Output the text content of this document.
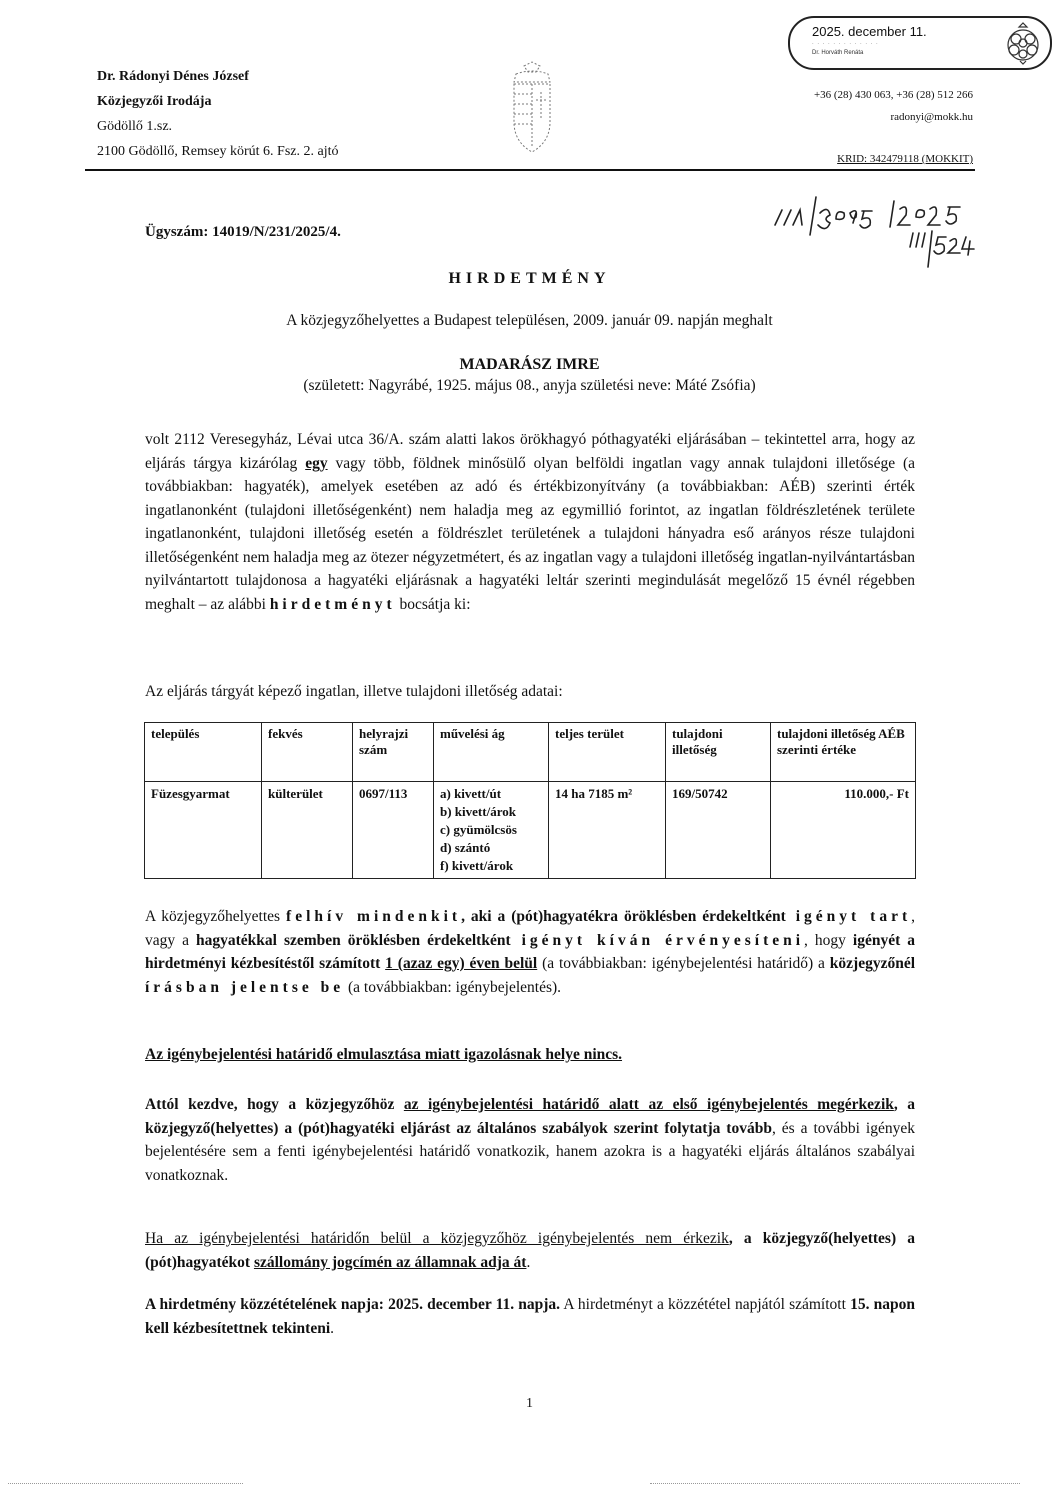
Dr. Rádonyi Dénes József
Közjegyzői Irodája
Gödöllő 1.sz.
2100 Gödöllő, Remsey körút 6. Fsz. 2. ajtó
2025. december 11.
. . . . . . . . . . . . .
Dr. Horváth Renáta
+36 (28) 430 063, +36 (28) 512 266
radonyi@mokk.hu
KRID: 342479118 (MOKKIT)
Ügyszám: 14019/N/231/2025/4.
HIRDETMÉNY
A közjegyzőhelyettes a Budapest településen, 2009. január 09. napján meghalt
MADARÁSZ IMRE
(született: Nagyrábé, 1925. május 08., anyja születési neve: Máté Zsófia)
volt 2112 Veresegyház, Lévai utca 36/A. szám alatti lakos örökhagyó póthagyatéki eljárásában – tekintettel arra, hogy az eljárás tárgya kizárólag egy vagy több, földnek minősülő olyan belföldi ingatlan vagy annak tulajdoni illetősége (a továbbiakban: hagyaték), amelyek esetében az adó és értékbizonyítvány (a továbbiakban: AÉB) szerinti érték ingatlanonként (tulajdoni illetőségenként) nem haladja meg az egymillió forintot, az ingatlan földrészletének területe ingatlanonként, tulajdoni illetőség esetén a földrészlet területének a tulajdoni hányadra eső arányos része tulajdoni illetőségenként nem haladja meg az ötezer négyzetmétert, és az ingatlan vagy a tulajdoni illetőség ingatlan-nyilvántartásban nyilvántartott tulajdonosa a hagyatéki eljárásnak a hagyatéki leltár szerinti megindulását megelőző 15 évnél régebben meghalt – az alábbi hirdetményt bocsátja ki:
Az eljárás tárgyát képező ingatlan, illetve tulajdoni illetőség adatai:
település	fekvés	helyrajzi szám	művelési ág	teljes terület	tulajdoni illetőség	tulajdoni illetőség AÉB szerinti értéke
Füzesgyarmat	külterület	0697/113	a) kivett/út
b) kivett/árok
c) gyümölcsös
d) szántó
f) kivett/árok	14 ha 7185 m²	169/50742	110.000,- Ft
A közjegyzőhelyettes felhív mindenkit, aki a (pót)hagyatékra öröklésben érdekeltként igényt tart, vagy a hagyatékkal szemben öröklésben érdekeltként igényt kíván érvényesíteni, hogy igényét a hirdetményi kézbesítéstől számított 1 (azaz egy) éven belül (a továbbiakban: igénybejelentési határidő) a közjegyzőnél írásban jelentse be (a továbbiakban: igénybejelentés).
Az igénybejelentési határidő elmulasztása miatt igazolásnak helye nincs.
Attól kezdve, hogy a közjegyzőhöz az igénybejelentési határidő alatt az első igénybejelentés megérkezik, a közjegyző(helyettes) a (pót)hagyatéki eljárást az általános szabályok szerint folytatja tovább, és a további igények bejelentésére sem a fenti igénybejelentési határidő vonatkozik, hanem azokra is a hagyatéki eljárás általános szabályai vonatkoznak.
Ha az igénybejelentési határidőn belül a közjegyzőhöz igénybejelentés nem érkezik, a közjegyző(helyettes) a (pót)hagyatékot szállomány jogcímén az államnak adja át.
A hirdetmény közzétételének napja: 2025. december 11. napja. A hirdetményt a közzététel napjától számított 15. napon kell kézbesítettnek tekinteni.
1
